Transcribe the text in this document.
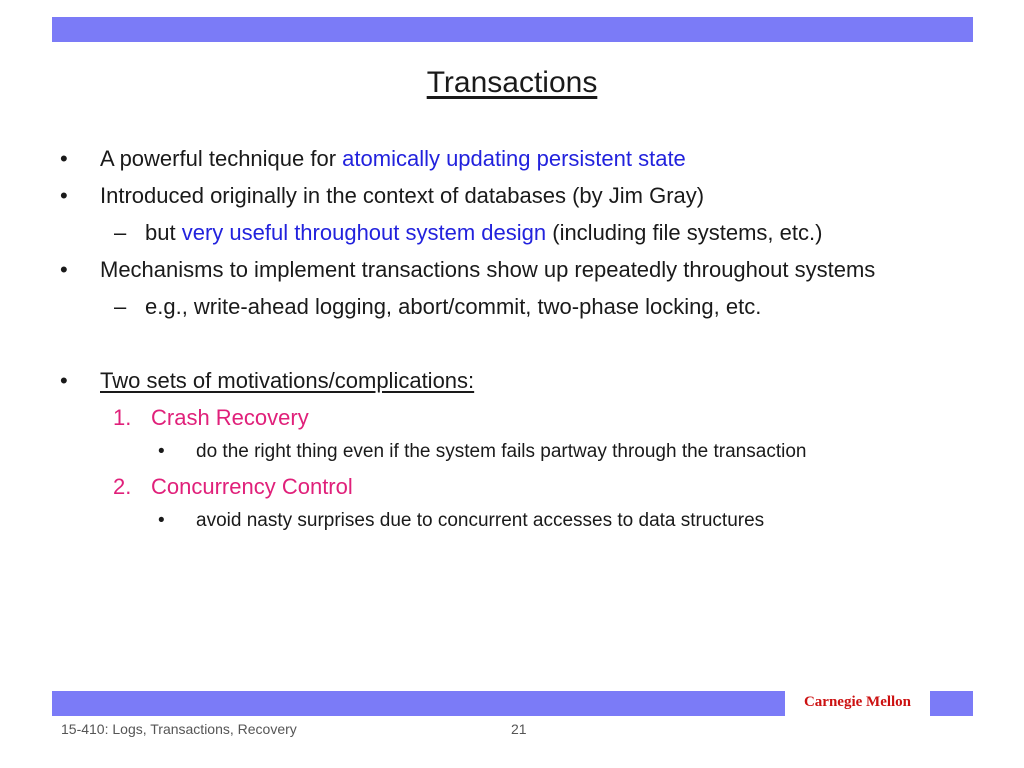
Transactions
• A powerful technique for atomically updating persistent state
• Introduced originally in the context of databases (by Jim Gray)
– but very useful throughout system design (including file systems, etc.)
• Mechanisms to implement transactions show up repeatedly throughout systems
– e.g., write-ahead logging, abort/commit, two-phase locking, etc.
• Two sets of motivations/complications:
1. Crash Recovery
• do the right thing even if the system fails partway through the transaction
2. Concurrency Control
• avoid nasty surprises due to concurrent accesses to data structures
Carnegie Mellon
15-410: Logs, Transactions, Recovery	21
